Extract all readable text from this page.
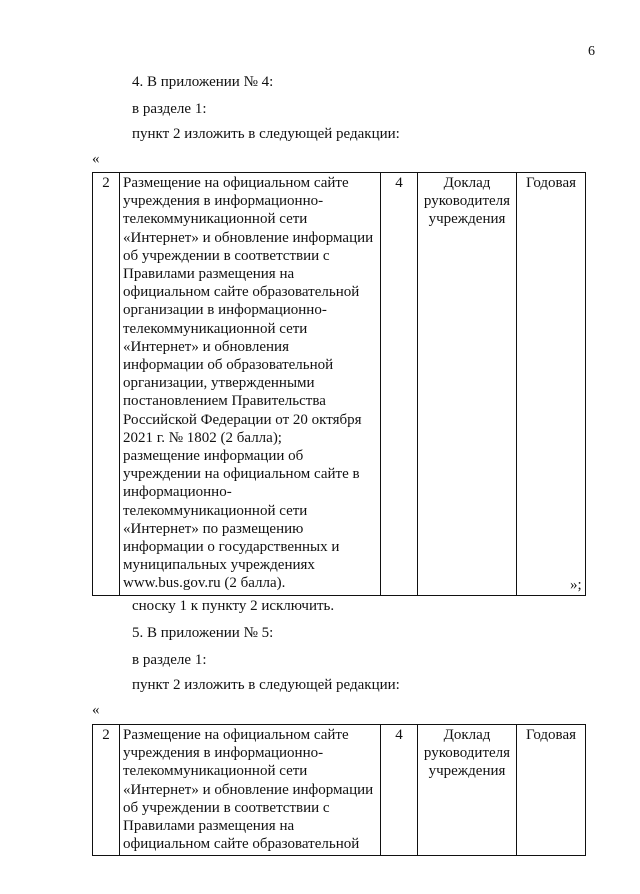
6
4. В приложении № 4:
в разделе 1:
пункт 2 изложить в следующей редакции:
«
2	Размещение на официальном сайте
учреждения в информационно-
телекоммуникационной сети
«Интернет» и обновление информации
об учреждении в соответствии с
Правилами размещения на
официальном сайте образовательной
организации в информационно-
телекоммуникационной сети
«Интернет» и обновления
информации об образовательной
организации, утвержденными
постановлением Правительства
Российской Федерации от 20 октября
2021 г. № 1802 (2 балла);
размещение информации об
учреждении на официальном сайте в
информационно-
телекоммуникационной сети
«Интернет» по размещению
информации о государственных и
муниципальных учреждениях
www.bus.gov.ru (2 балла).
	4	Доклад
руководителя
учреждения
	Годовая
»;
сноску 1 к пункту 2 исключить.
5. В приложении № 5:
в разделе 1:
пункт 2 изложить в следующей редакции:
«
2	Размещение на официальном сайте
учреждения в информационно-
телекоммуникационной сети
«Интернет» и обновление информации
об учреждении в соответствии с
Правилами размещения на
официальном сайте образовательной
	4	Доклад
руководителя
учреждения
	Годовая
